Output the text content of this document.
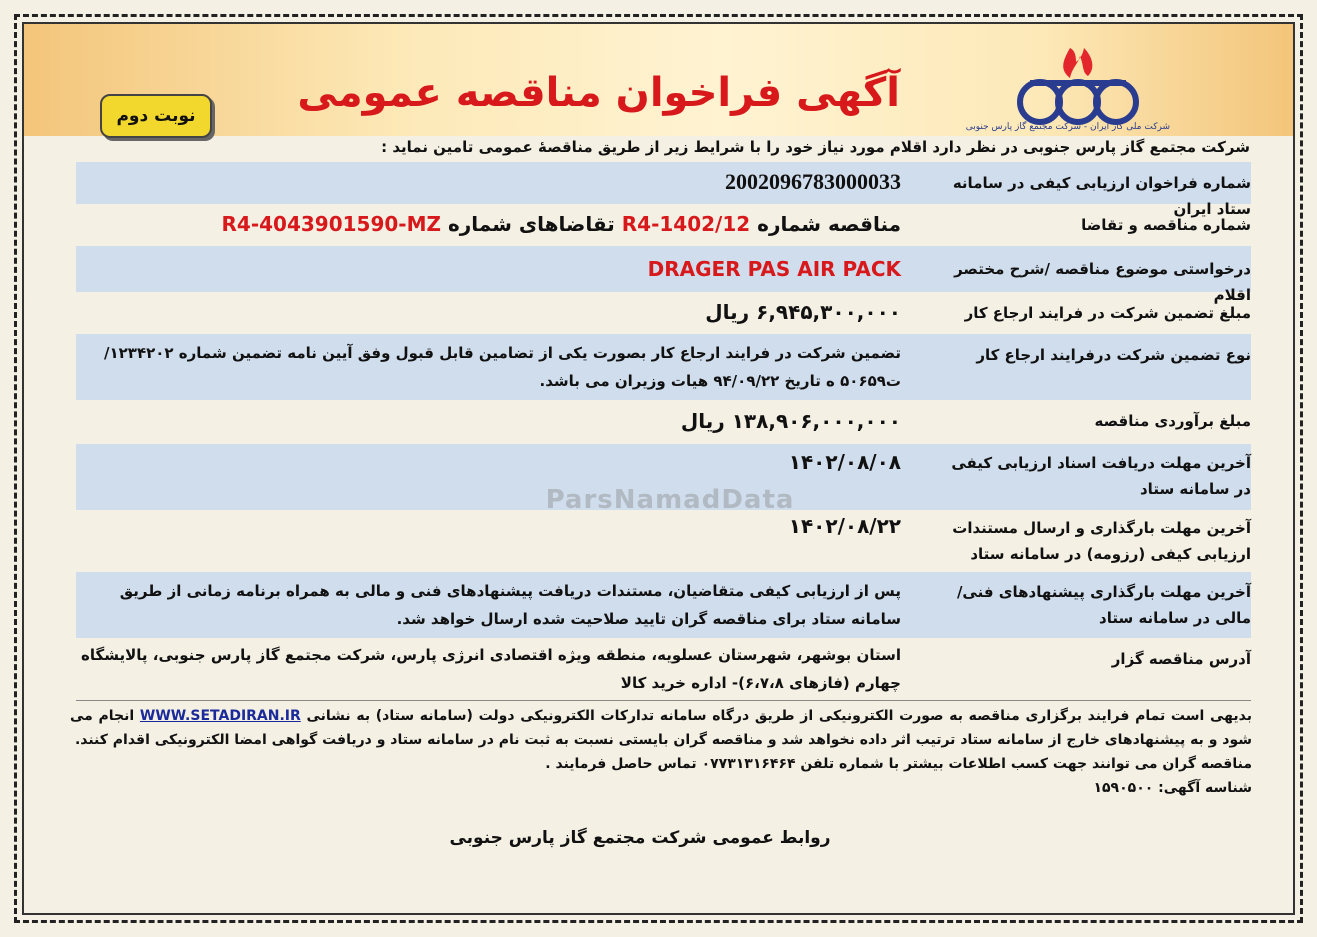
شرکت ملی گاز ایران - شرکت مجتمع گاز پارس جنوبی
آگهی فراخوان مناقصه عمومی
نوبت دوم
شرکت مجتمع گاز پارس جنوبی در نظر دارد اقلام مورد نیاز خود را با شرایط زیر از طریق مناقصهٔ عمومی تامین نماید :
شماره فراخوان ارزیابی کیفی در سامانه ستاد ایران
2002096783000033
شماره مناقصه و تقاضا
مناقصه شماره R4-1402/12 تقاضاهای شماره R4-4043901590-MZ
درخواستی موضوع مناقصه /شرح مختصر اقلام
DRAGER PAS AIR PACK
مبلغ تضمین شرکت در فرایند ارجاع کار
۶,۹۴۵,۳۰۰,۰۰۰ ریال
نوع تضمین شرکت درفرایند ارجاع کار
تضمین شرکت در فرایند ارجاع کار بصورت یکی از تضامین قابل قبول وفق آیین نامه تضمین شماره ۱۲۳۴۲۰۲/ت۵۰۶۵۹ ه تاریخ ۹۴/۰۹/۲۲ هیات وزیران می باشد.
مبلغ برآوردی مناقصه
۱۳۸,۹۰۶,۰۰۰,۰۰۰ ریال
آخرین مهلت دریافت اسناد ارزیابی کیفی در سامانه ستاد
۱۴۰۲/۰۸/۰۸
آخرین مهلت بارگذاری و ارسال مستندات ارزیابی کیفی (رزومه) در سامانه ستاد
۱۴۰۲/۰۸/۲۲
آخرین مهلت بارگذاری پیشنهادهای فنی/مالی در سامانه ستاد
پس از ارزیابی کیفی متقاضیان، مستندات دریافت پیشنهادهای فنی و مالی به همراه برنامه زمانی از طریق سامانه ستاد برای مناقصه گران تایید صلاحیت شده ارسال خواهد شد.
آدرس مناقصه گزار
استان بوشهر، شهرستان عسلویه، منطقه ویژه اقتصادی انرژی پارس، شرکت مجتمع گاز پارس جنوبی، پالایشگاه چهارم (فازهای ۶،۷،۸)- اداره خرید کالا
ParsNamadData

بدیهی است تمام فرایند برگزاری مناقصه به صورت الکترونیکی از طریق درگاه سامانه تدارکات الکترونیکی دولت (سامانه ستاد) به نشانی WWW.SETADIRAN.IR انجام می شود و به پیشنهادهای خارج از سامانه ستاد ترتیب اثر داده نخواهد شد و مناقصه گران بایستی نسبت به ثبت نام در سامانه ستاد و دریافت گواهی امضا الکترونیکی اقدام کنند.

مناقصه گران می توانند جهت کسب اطلاعات بیشتر با شماره تلفن ۰۷۷۳۱۳۱۶۴۶۴ تماس حاصل فرمایند .

شناسه آگهی: ۱۵۹۰۵۰۰

روابط عمومی شرکت مجتمع گاز پارس جنوبی
